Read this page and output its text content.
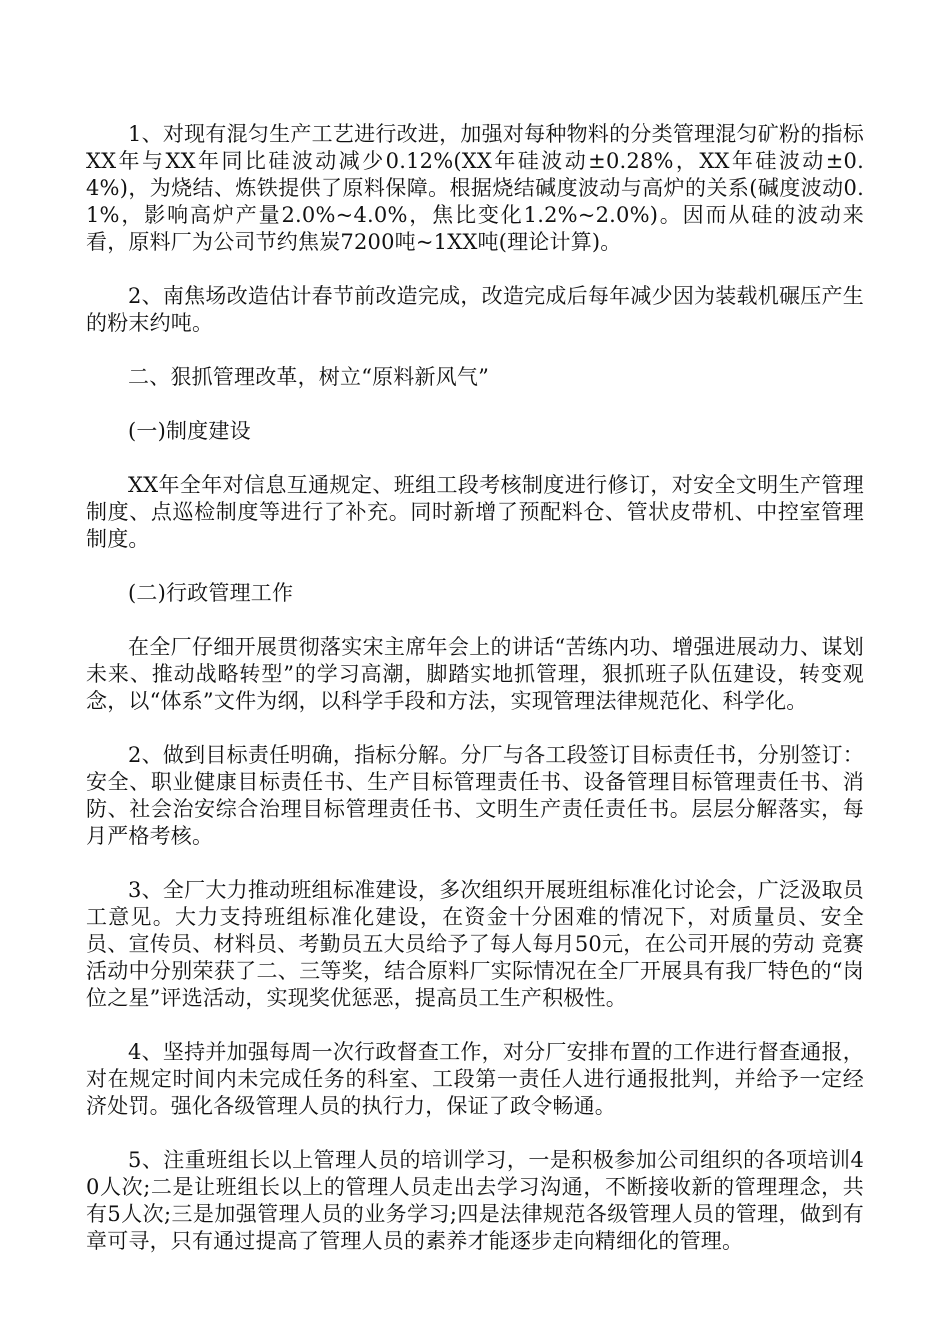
1、对现有混匀生产工艺进行改进，加强对每种物料的分类管理混匀矿粉的指标XX年与XX年同比硅波动减少0.12%(XX年硅波动±0.28%，XX年硅波动±0.4%)，为烧结、炼铁提供了原料保障。根据烧结碱度波动与高炉的关系(碱度波动0.1%，影响高炉产量2.0%~4.0%，焦比变化1.2%~2.0%)。因而从硅的波动来看，原料厂为公司节约焦炭7200吨~1XX吨(理论计算)。

2、南焦场改造估计春节前改造完成，改造完成后每年减少因为装载机碾压产生的粉末约吨。

二、狠抓管理改革，树立“原料新风气”

(一)制度建设

XX年全年对信息互通规定、班组工段考核制度进行修订，对安全文明生产管理制度、点巡检制度等进行了补充。同时新增了预配料仓、管状皮带机、中控室管理制度。

(二)行政管理工作

在全厂仔细开展贯彻落实宋主席年会上的讲话“苦练内功、增强进展动力、谋划未来、推动战略转型”的学习高潮，脚踏实地抓管理，狠抓班子队伍建设，转变观念，以“体系”文件为纲，以科学手段和方法，实现管理法律规范化、科学化。

2、做到目标责任明确，指标分解。分厂与各工段签订目标责任书，分别签订：安全、职业健康目标责任书、生产目标管理责任书、设备管理目标管理责任书、消防、社会治安综合治理目标管理责任书、文明生产责任责任书。层层分解落实，每月严格考核。

3、全厂大力推动班组标准建设，多次组织开展班组标准化讨论会，广泛汲取员工意见。大力支持班组标准化建设，在资金十分困难的情况下，对质量员、安全员、宣传员、材料员、考勤员五大员给予了每人每月50元，在公司开展的劳动 竞赛活动中分别荣获了二、三等奖，结合原料厂实际情况在全厂开展具有我厂特色的“岗位之星”评选活动，实现奖优惩恶，提高员工生产积极性。

4、坚持并加强每周一次行政督查工作，对分厂安排布置的工作进行督查通报，对在规定时间内未完成任务的科室、工段第一责任人进行通报批判，并给予一定经济处罚。强化各级管理人员的执行力，保证了政令畅通。

5、注重班组长以上管理人员的培训学习，一是积极参加公司组织的各项培训40人次;二是让班组长以上的管理人员走出去学习沟通，不断接收新的管理理念，共有5人次;三是加强管理人员的业务学习;四是法律规范各级管理人员的管理，做到有章可寻，只有通过提高了管理人员的素养才能逐步走向精细化的管理。
